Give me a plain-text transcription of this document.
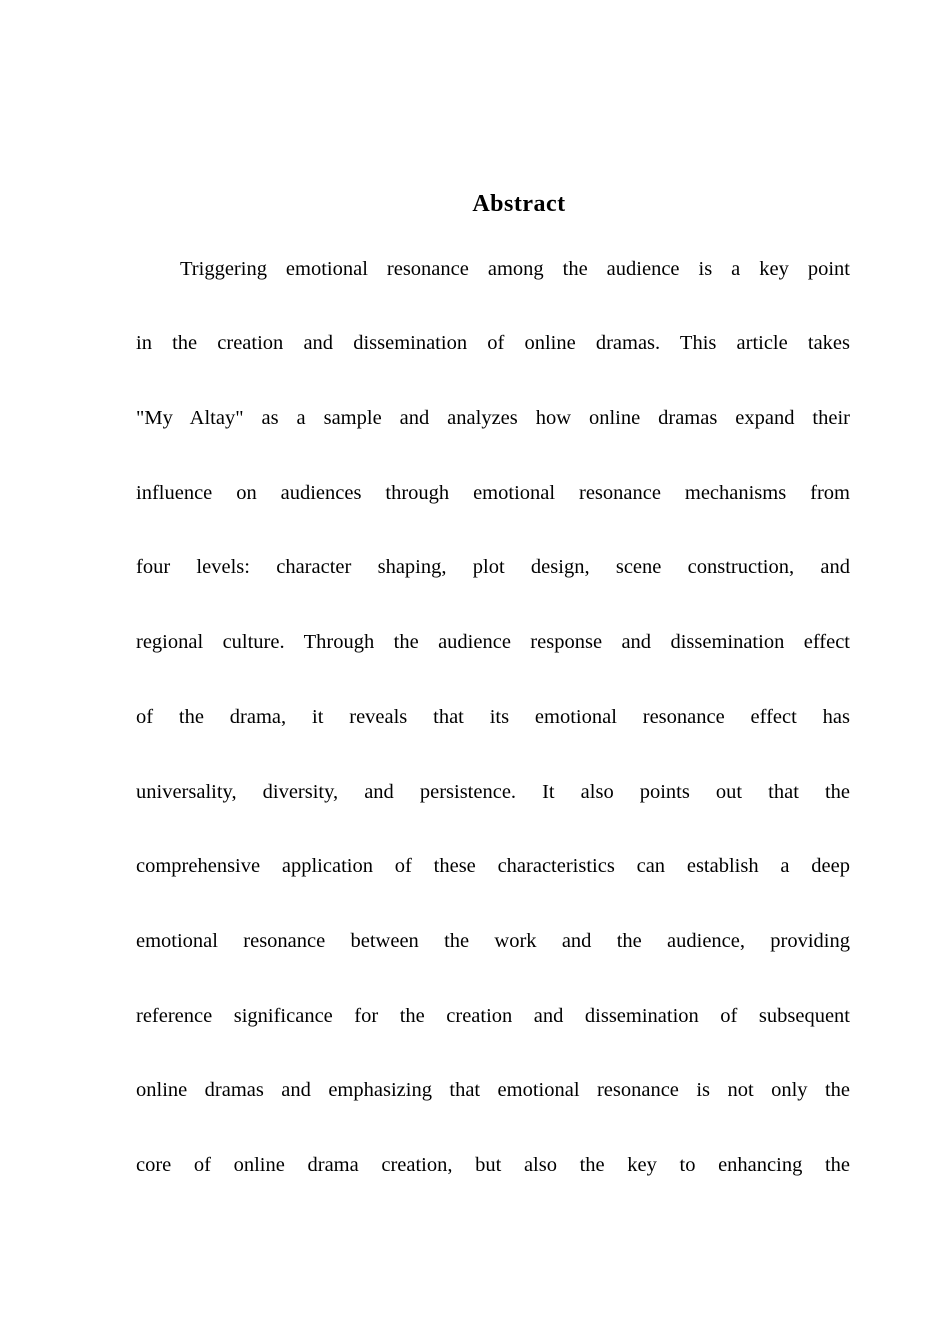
Abstract
Triggering emotional resonance among the audience is a key point
in the creation and dissemination of online dramas. This article takes
"My Altay" as a sample and analyzes how online dramas expand their
influence on audiences through emotional resonance mechanisms from
four levels: character shaping, plot design, scene construction, and
regional culture. Through the audience response and dissemination effect
of the drama, it reveals that its emotional resonance effect has
universality, diversity, and persistence. It also points out that the
comprehensive application of these characteristics can establish a deep
emotional resonance between the work and the audience, providing
reference significance for the creation and dissemination of subsequent
online dramas and emphasizing that emotional resonance is not only the
core of online drama creation, but also the key to enhancing the
